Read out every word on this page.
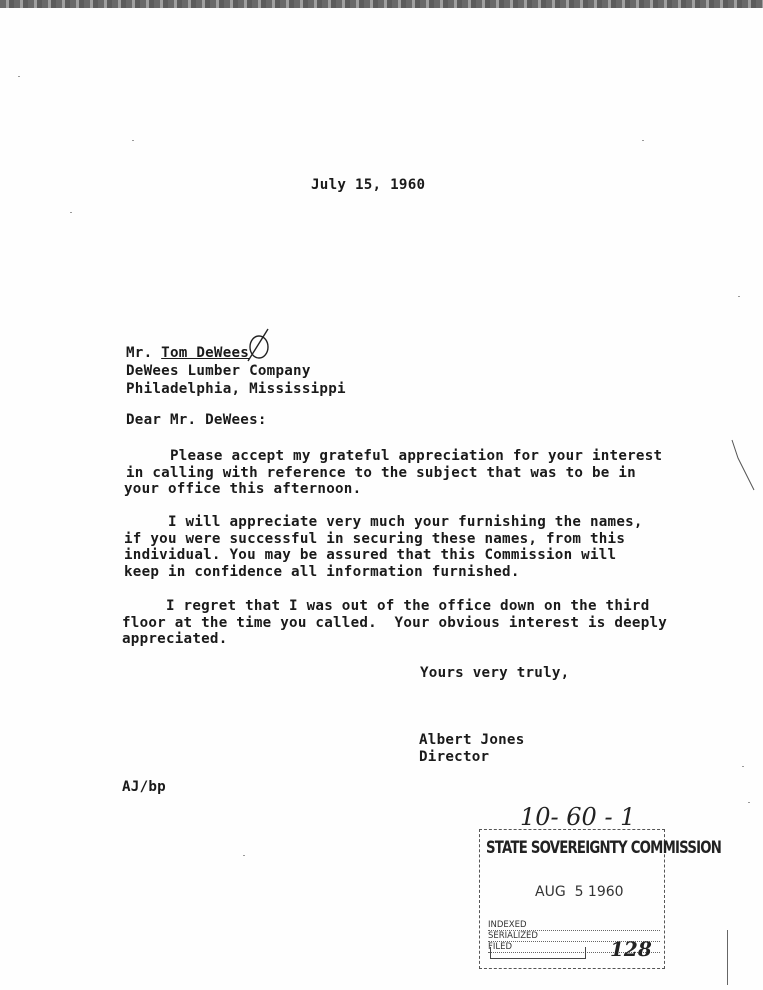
July 15, 1960
Mr. Tom DeWees
DeWees Lumber Company
Philadelphia, Mississippi
Dear Mr. DeWees:
Please accept my grateful appreciation for your interest
in calling with reference to the subject that was to be in
your office this afternoon.
I will appreciate very much your furnishing the names,
if you were successful in securing these names, from this
individual. You may be assured that this Commission will
keep in confidence all information furnished.
I regret that I was out of the office down on the third
floor at the time you called.  Your obvious interest is deeply
appreciated.
Yours very truly,
Albert Jones
Director
AJ/bp
10- 60 - 1
STATE SOVEREIGNTY COMMISSION
AUG  5 1960
INDEXED
SERIALIZED
FILED	128
